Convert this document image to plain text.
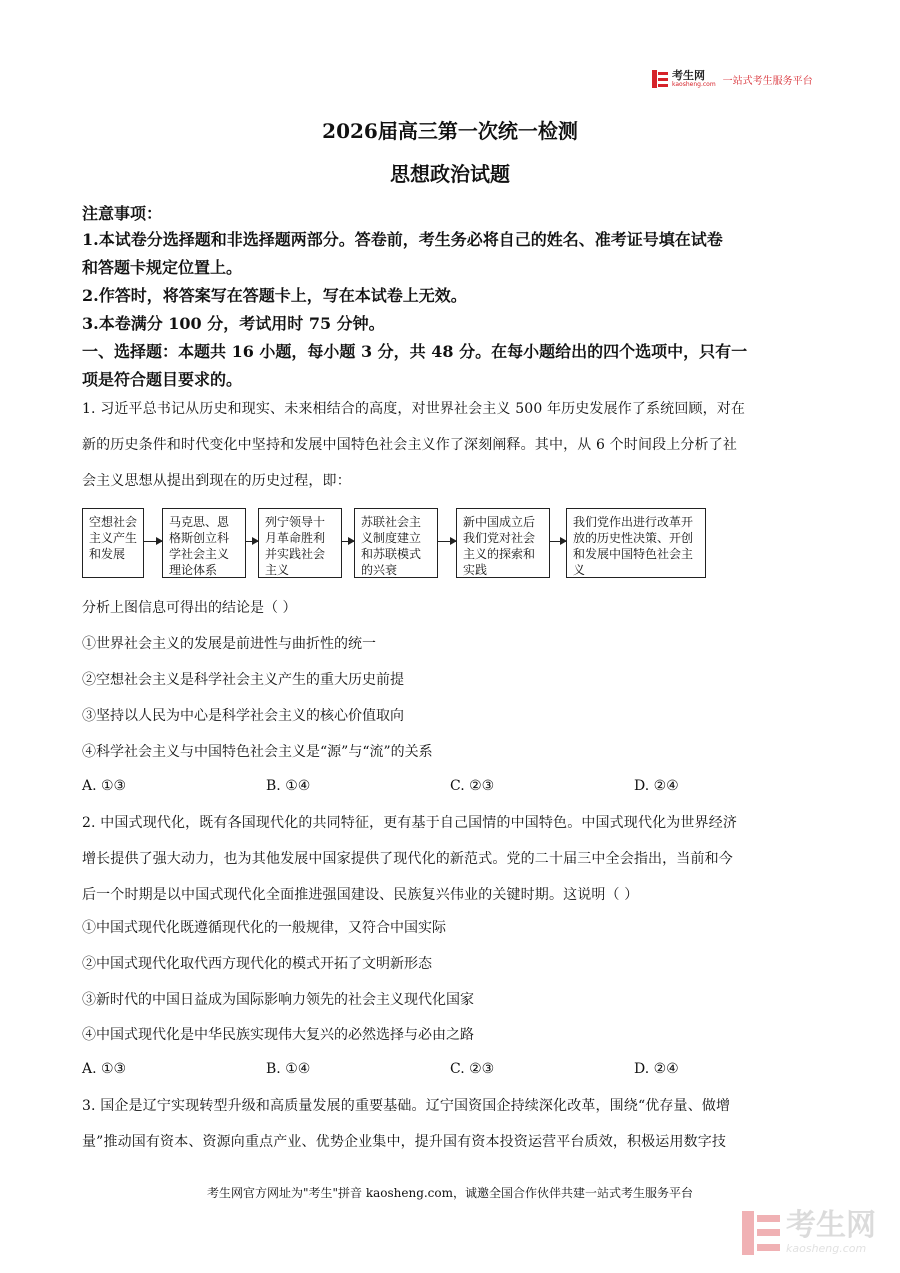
考生网
kaosheng.com 一站式考生服务平台
2026届高三第一次统一检测
思想政治试题
注意事项：
1.本试卷分选择题和非选择题两部分。答卷前，考生务必将自己的姓名、准考证号填在试卷
和答题卡规定位置上。
2.作答时，将答案写在答题卡上，写在本试卷上无效。
3.本卷满分 100 分，考试用时 75 分钟。
一、选择题：本题共 16 小题，每小题 3 分，共 48 分。在每小题给出的四个选项中，只有一
项是符合题目要求的。
1. 习近平总书记从历史和现实、未来相结合的高度，对世界社会主义 500 年历史发展作了系统回顾，对在
新的历史条件和时代变化中坚持和发展中国特色社会主义作了深刻阐释。其中，从 6 个时间段上分析了社
会主义思想从提出到现在的历史过程，即：
空想社会主义产生和发展
马克思、恩格斯创立科学社会主义理论体系
列宁领导十月革命胜利并实践社会主义
苏联社会主义制度建立和苏联模式的兴衰
新中国成立后我们党对社会主义的探索和实践
我们党作出进行改革开放的历史性决策、开创和发展中国特色社会主义
分析上图信息可得出的结论是（ ）
①世界社会主义的发展是前进性与曲折性的统一
②空想社会主义是科学社会主义产生的重大历史前提
③坚持以人民为中心是科学社会主义的核心价值取向
④科学社会主义与中国特色社会主义是“源”与“流”的关系
A. ①③	B. ①④	C. ②③	D. ②④
2. 中国式现代化，既有各国现代化的共同特征，更有基于自己国情的中国特色。中国式现代化为世界经济
增长提供了强大动力，也为其他发展中国家提供了现代化的新范式。党的二十届三中全会指出，当前和今
后一个时期是以中国式现代化全面推进强国建设、民族复兴伟业的关键时期。这说明（ ）
①中国式现代化既遵循现代化的一般规律，又符合中国实际
②中国式现代化取代西方现代化的模式开拓了文明新形态
③新时代的中国日益成为国际影响力领先的社会主义现代化国家
④中国式现代化是中华民族实现伟大复兴的必然选择与必由之路
A. ①③	B. ①④	C. ②③	D. ②④
3. 国企是辽宁实现转型升级和高质量发展的重要基础。辽宁国资国企持续深化改革，围绕“优存量、做增
量”推动国有资本、资源向重点产业、优势企业集中，提升国有资本投资运营平台质效，积极运用数字技
考生网官方网址为"考生"拼音 kaosheng.com，诚邀全国合作伙伴共建一站式考生服务平台
考生网
kaosheng.com
